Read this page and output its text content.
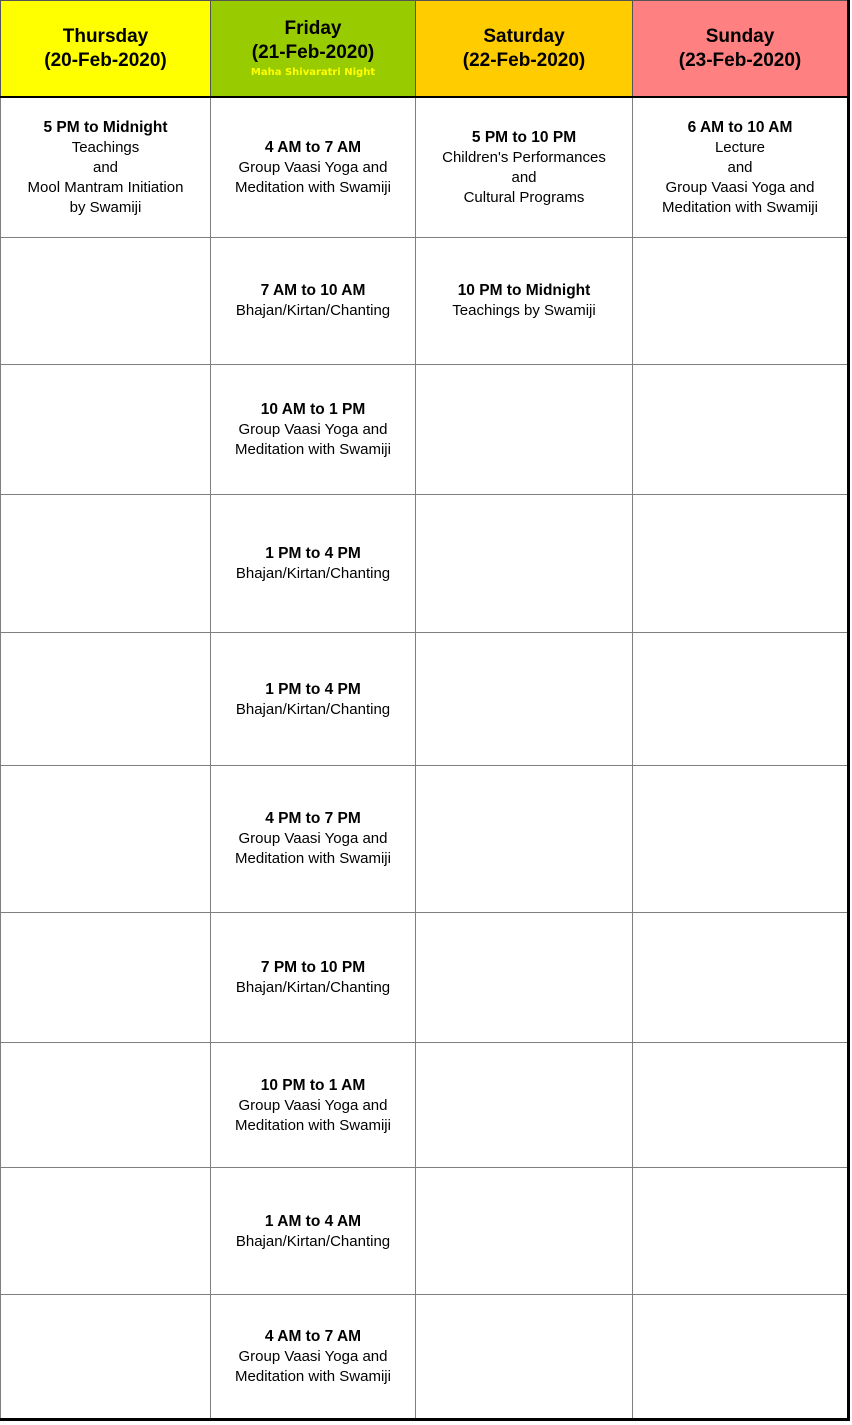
Thursday
(20-Feb-2020)	Friday
(21-Feb-2020)
Maha Shivaratri Night	Saturday
(22-Feb-2020)	Sunday
(23-Feb-2020)

5 PM to Midnight
Teachings
and
Mool Mantram Initiation
by Swamiji	4 AM to 7 AM
Group Vaasi Yoga and
Meditation with Swamiji	5 PM to 10 PM
Children's Performances
and
Cultural Programs	6 AM to 10 AM
Lecture
and
Group Vaasi Yoga and
Meditation with Swamiji

	7 AM to 10 AM
Bhajan/Kirtan/Chanting	10 PM to Midnight
Teachings by Swamiji	

	10 AM to 1 PM
Group Vaasi Yoga and
Meditation with Swamiji		

	1 PM to 4 PM
Bhajan/Kirtan/Chanting		

	1 PM to 4 PM
Bhajan/Kirtan/Chanting		

	4 PM to 7 PM
Group Vaasi Yoga and
Meditation with Swamiji		

	7 PM to 10 PM
Bhajan/Kirtan/Chanting		

	10 PM to 1 AM
Group Vaasi Yoga and
Meditation with Swamiji		

	1 AM to 4 AM
Bhajan/Kirtan/Chanting		

	4 AM to 7 AM
Group Vaasi Yoga and
Meditation with Swamiji		
